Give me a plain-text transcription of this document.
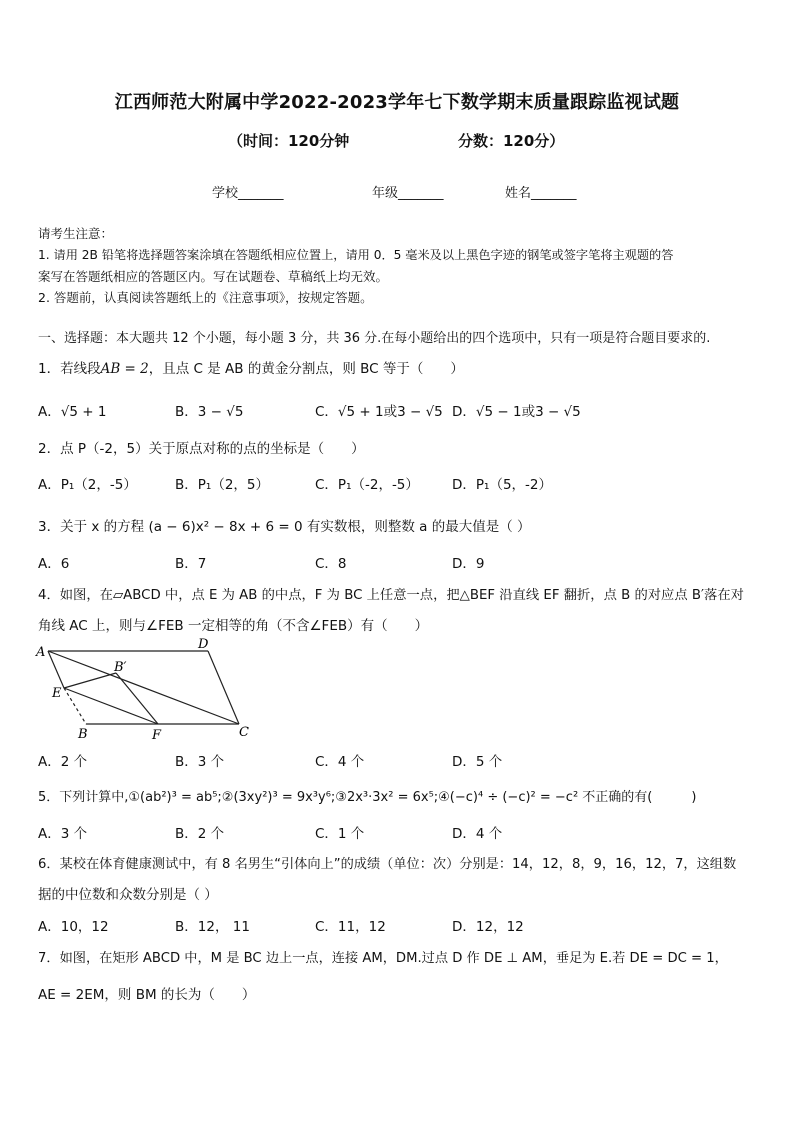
江西师范大附属中学2022-2023学年七下数学期末质量跟踪监视试题
（时间：120分钟	分数：120分）
学校_______	年级_______	姓名_______
请考生注意：
1. 请用 2B 铅笔将选择题答案涂填在答题纸相应位置上，请用 0．5 毫米及以上黑色字迹的钢笔或签字笔将主观题的答
案写在答题纸相应的答题区内。写在试题卷、草稿纸上均无效。
2. 答题前，认真阅读答题纸上的《注意事项》，按规定答题。
一、选择题：本大题共 12 个小题，每小题 3 分，共 36 分.在每小题给出的四个选项中，只有一项是符合题目要求的.
1．若线段AB = 2，且点 C 是 AB 的黄金分割点，则 BC 等于（　　）
A．√5 + 1	B．3 − √5	C．√5 + 1或3 − √5 D．√5 − 1或3 − √5
2．点 P（-2，5）关于原点对称的点的坐标是（　　）
A．P₁（2，-5）	B．P₁（2，5）	C．P₁（-2，-5） D．P₁（5，-2）
3．关于 x 的方程 (a − 6)x² − 8x + 6 = 0 有实数根，则整数 a 的最大值是（ ）
A．6	B．7	C．8	D．9
4．如图，在▱ABCD 中，点 E 为 AB 的中点，F 为 BC 上任意一点，把△BEF 沿直线 EF 翻折，点 B 的对应点 B′落在对
角线 AC 上，则与∠FEB 一定相等的角（不含∠FEB）有（　　）
A
D
B′
E
B	F	C
A．2 个	B．3 个	C．4 个	D．5 个
5．下列计算中,①(ab²)³ = ab⁵;②(3xy²)³ = 9x³y⁶;③2x³·3x² = 6x⁵;④(−c)⁴ ÷ (−c)² = −c² 不正确的有(　　　)
A．3 个	B．2 个	C．1 个	D．4 个
6．某校在体育健康测试中，有 8 名男生“引体向上”的成绩（单位：次）分别是：14，12，8，9，16，12，7，这组数
据的中位数和众数分别是（ ）
A．10，12	B．12， 11	C．11，12	D．12，12
7．如图，在矩形 ABCD 中，M 是 BC 边上一点，连接 AM，DM.过点 D 作 DE ⊥ AM，垂足为 E.若 DE = DC = 1，
AE = 2EM，则 BM 的长为（　　）
